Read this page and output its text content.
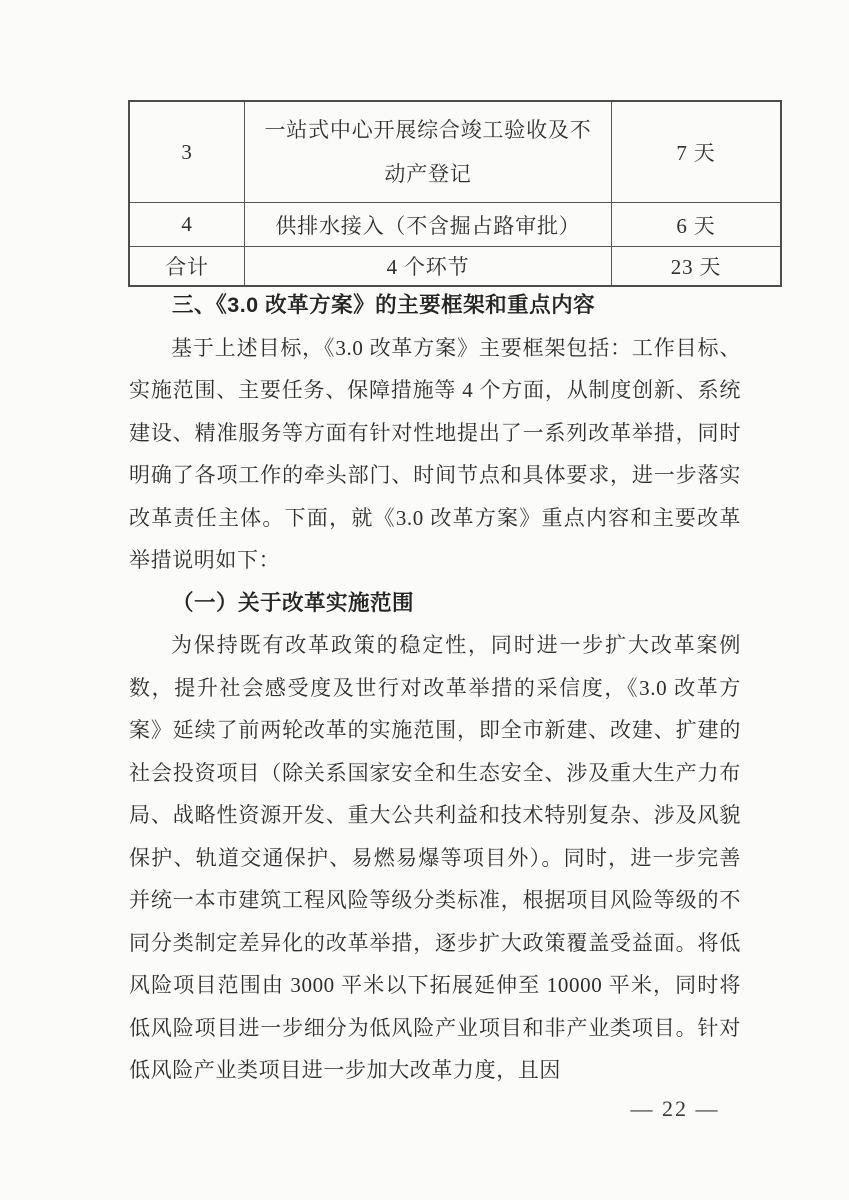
3	一站式中心开展综合竣工验收及不动产登记	7 天
4	供排水接入（不含掘占路审批）	6 天
合计	4 个环节	23 天
三、《3.0 改革方案》的主要框架和重点内容

基于上述目标，《3.0 改革方案》主要框架包括：工作目标、实施范围、主要任务、保障措施等 4 个方面，从制度创新、系统建设、精准服务等方面有针对性地提出了一系列改革举措，同时明确了各项工作的牵头部门、时间节点和具体要求，进一步落实改革责任主体。下面，就《3.0 改革方案》重点内容和主要改革举措说明如下：

（一）关于改革实施范围

为保持既有改革政策的稳定性，同时进一步扩大改革案例数，提升社会感受度及世行对改革举措的采信度，《3.0 改革方案》延续了前两轮改革的实施范围，即全市新建、改建、扩建的社会投资项目（除关系国家安全和生态安全、涉及重大生产力布局、战略性资源开发、重大公共利益和技术特别复杂、涉及风貌保护、轨道交通保护、易燃易爆等项目外）。同时，进一步完善并统一本市建筑工程风险等级分类标准，根据项目风险等级的不同分类制定差异化的改革举措，逐步扩大政策覆盖受益面。将低风险项目范围由 3000 平米以下拓展延伸至 10000 平米，同时将低风险项目进一步细分为低风险产业项目和非产业类项目。针对低风险产业类项目进一步加大改革力度，且因

— 22 —
